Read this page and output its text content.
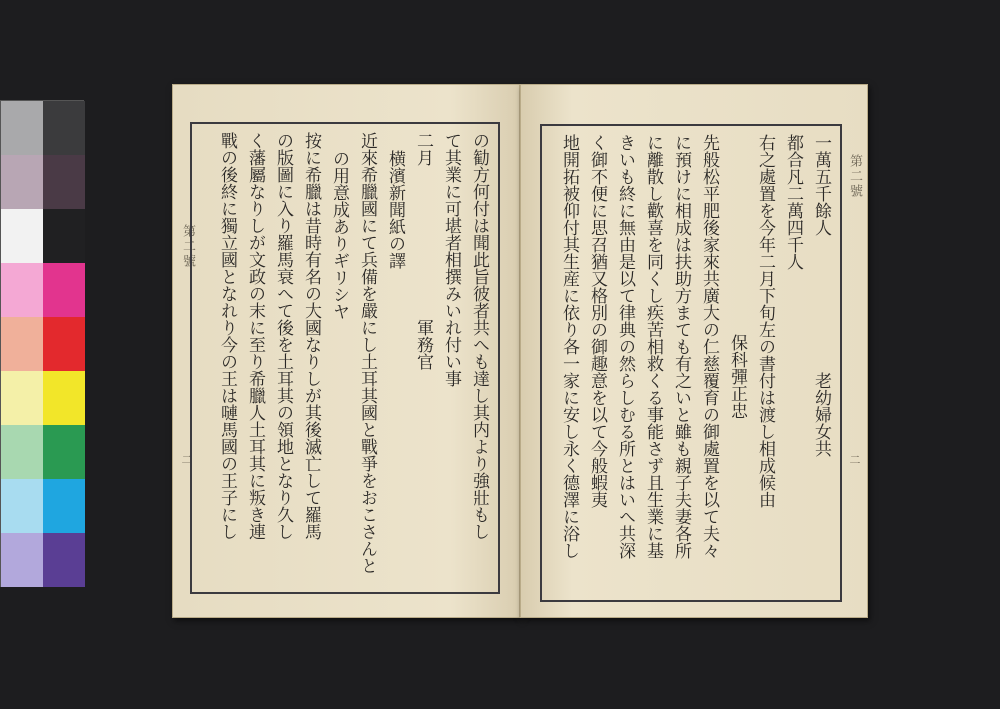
第二號
二	の勧方何付は聞此旨彼者共へも達し其内より強壯もし
て其業に可堪者相撰みいれ付い事
二月　　　　　　　　　軍務官
横濱新聞紙の譯
近來希臘國にて兵備を嚴にし土耳其國と戰爭をおこさんと
の用意成ありギリシヤ
按に希臘は昔時有名の大國なりしが其後滅亡して羅馬
の版圖に入り羅馬衰へて後を土耳其の領地となり久し
く藩屬なりしが文政の末に至り希臘人土耳其に叛き連
戰の後終に獨立國となれり今の王は嗹馬國の王子にし	第二號
二
一萬五千餘人　　　　　　　　老幼婦女共
都合凡二萬四千人
右之處置を今年二月下旬左の書付は渡し相成候由
保科彈正忠
先般松平肥後家來共廣大の仁慈覆育の御處置を以て夫々
に預けに相成は扶助方まても有之いと雖も親子夫妻各所
に離散し歡喜を同くし疾苦相救くる事能さず且生業に基
きいも終に無由是以て律典の然らしむる所とはいへ共深
く御不便に思召猶又格別の御趣意を以て今般蝦夷
地開拓被仰付其生産に依り各一家に安し永く德澤に浴し
